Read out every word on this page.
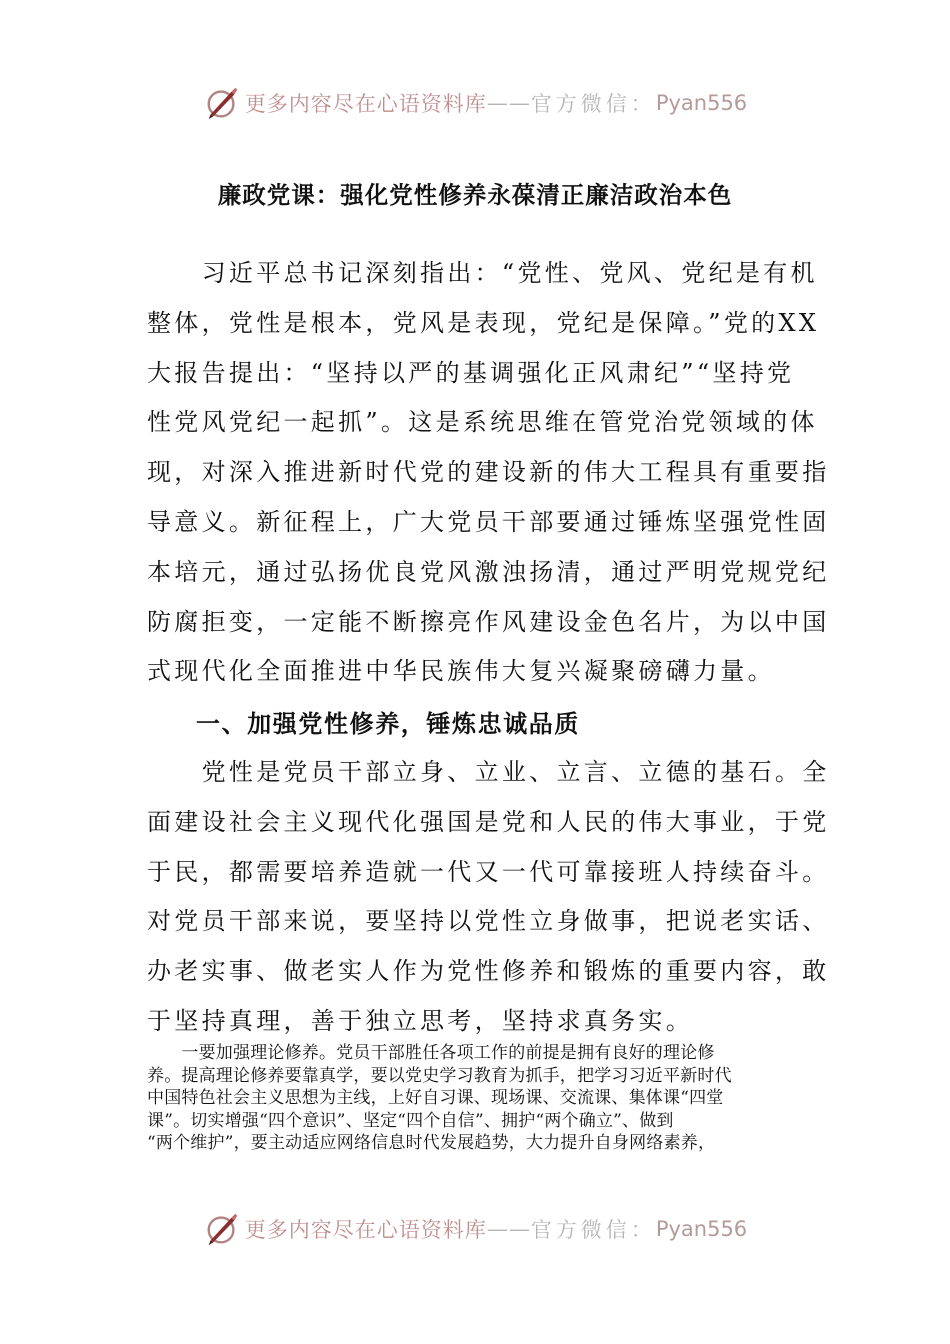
更多内容尽在心语资料库 —— 官方微信： Pyan556
廉政党课：强化党性修养永葆清正廉洁政治本色
　　习近平总书记深刻指出：“党性、党风、党纪是有机
整体，党性是根本，党风是表现，党纪是保障。”党的XX
大报告提出：“坚持以严的基调强化正风肃纪”“坚持党
性党风党纪一起抓”。这是系统思维在管党治党领域的体
现，对深入推进新时代党的建设新的伟大工程具有重要指
导意义。新征程上，广大党员干部要通过锤炼坚强党性固
本培元，通过弘扬优良党风激浊扬清，通过严明党规党纪
防腐拒变，一定能不断擦亮作风建设金色名片，为以中国
式现代化全面推进中华民族伟大复兴凝聚磅礴力量。
一、加强党性修养，锤炼忠诚品质
　　党性是党员干部立身、立业、立言、立德的基石。全
面建设社会主义现代化强国是党和人民的伟大事业，于党
于民，都需要培养造就一代又一代可靠接班人持续奋斗。
对党员干部来说，要坚持以党性立身做事，把说老实话、
办老实事、做老实人作为党性修养和锻炼的重要内容，敢
于坚持真理，善于独立思考，坚持求真务实。
　　一要加强理论修养。党员干部胜任各项工作的前提是拥有良好的理论修
养。提高理论修养要靠真学，要以党史学习教育为抓手，把学习习近平新时代
中国特色社会主义思想为主线，上好自习课、现场课、交流课、集体课“四堂
课”。切实增强“四个意识”、坚定“四个自信”、拥护“两个确立”、做到
“两个维护”，要主动适应网络信息时代发展趋势，大力提升自身网络素养，
更多内容尽在心语资料库 —— 官方微信： Pyan556
